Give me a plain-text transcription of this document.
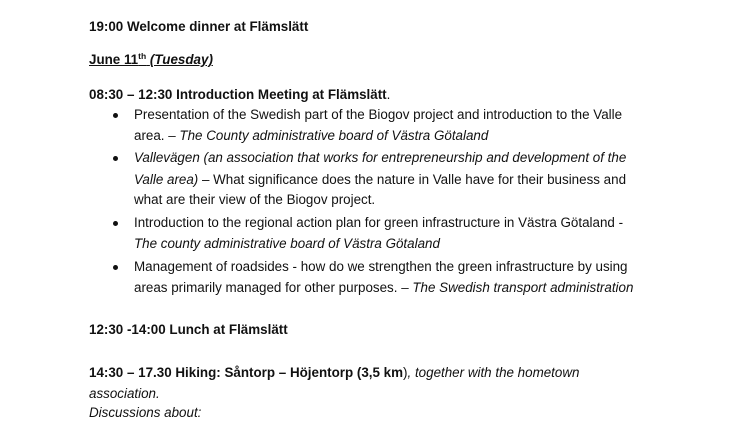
19:00 Welcome dinner at Flämslätt
June 11th (Tuesday)
08:30 – 12:30 Introduction Meeting at Flämslätt.
Presentation of the Swedish part of the Biogov project and introduction to the Valle
area. – The County administrative board of Västra Götaland
Vallevägen (an association that works for entrepreneurship and development of the
Valle area) – What significance does the nature in Valle have for their business and
what are their view of the Biogov project.
Introduction to the regional action plan for green infrastructure in Västra Götaland -
The county administrative board of Västra Götaland
Management of roadsides - how do we strengthen the green infrastructure by using
areas primarily managed for other purposes. – The Swedish transport administration
12:30 -14:00 Lunch at Flämslätt
14:30 – 17.30 Hiking: Såntorp – Höjentorp (3,5 km), together with the hometown
association.
Discussions about:
